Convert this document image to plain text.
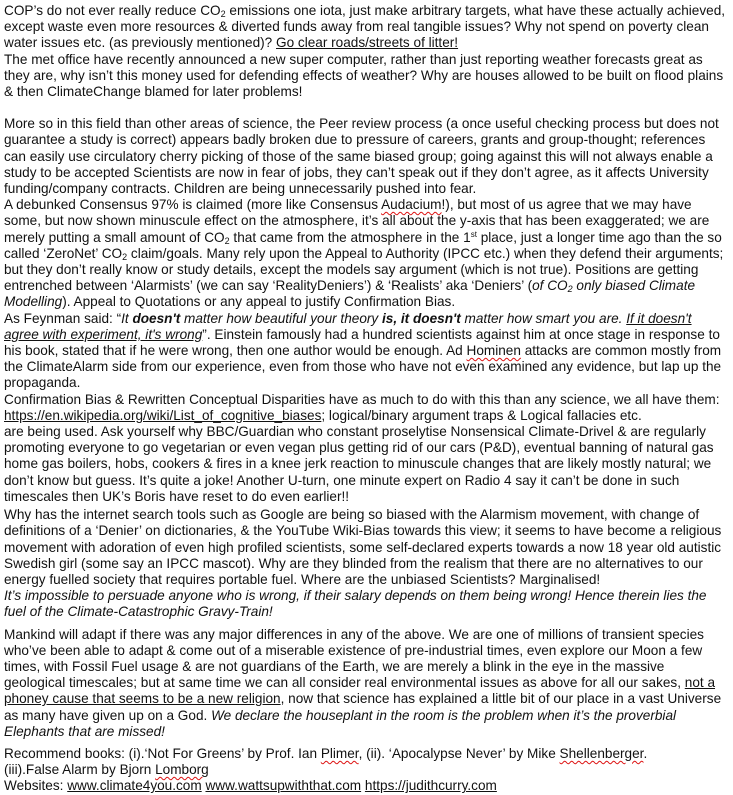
COP’s do not ever really reduce $CO_2$ emissions one iota, just make arbitrary targets, what have these actually achieved, except waste even more resources & diverted funds away from real tangible issues? Why not spend on poverty clean water issues etc. (as previously mentioned)? Go clear roads/streets of litter!

The met office have recently announced a new super computer, rather than just reporting weather forecasts great as they are, why isn’t this money used for defending effects of weather? Why are houses allowed to be built on flood plains & then ClimateChange blamed for later problems!

More so in this field than other areas of science, the Peer review process (a once useful checking process but does not guarantee a study is correct) appears badly broken due to pressure of careers, grants and group-thought; references can easily use circulatory cherry picking of those of the same biased group; going against this will not always enable a study to be accepted Scientists are now in fear of jobs, they can’t speak out if they don’t agree, as it affects University funding/company contracts. Children are being unnecessarily pushed into fear.

A debunked Consensus 97% is claimed (more like Consensus Audacium!), but most of us agree that we may have some, but now shown minuscule effect on the atmosphere, it’s all about the y-axis that has been exaggerated; we are merely putting a small amount of $CO_2$ that came from the atmosphere in the 1st place, just a longer time ago than the so called ‘ZeroNet’ $CO_2$ claim/goals. Many rely upon the Appeal to Authority (IPCC etc.) when they defend their arguments; but they don’t really know or study details, except the models say argument (which is not true). Positions are getting entrenched between ‘Alarmists’ (we can say ‘RealityDeniers’) & ‘Realists’ aka ‘Deniers’ (of $CO_2$ only biased Climate Modelling). Appeal to Quotations or any appeal to justify Confirmation Bias.

As Feynman said: “It doesn't matter how beautiful your theory is, it doesn't matter how smart you are. If it doesn't agree with experiment, it's wrong”. Einstein famously had a hundred scientists against him at once stage in response to his book, stated that if he were wrong, then one author would be enough. Ad Hominen attacks are common mostly from the ClimateAlarm side from our experience, even from those who have not even examined any evidence, but lap up the propaganda.

Confirmation Bias & Rewritten Conceptual Disparities have as much to do with this than any science, we all have them: https://en.wikipedia.org/wiki/List_of_cognitive_biases; logical/binary argument traps & Logical fallacies etc.

are being used. Ask yourself why BBC/Guardian who constant proselytise Nonsensical Climate-Drivel & are regularly promoting everyone to go vegetarian or even vegan plus getting rid of our cars (P&D), eventual banning of natural gas home gas boilers, hobs, cookers & fires in a knee jerk reaction to minuscule changes that are likely mostly natural; we don’t know but guess. It’s quite a joke! Another U-turn, one minute expert on Radio 4 say it can’t be done in such timescales then UK’s Boris have reset to do even earlier!!

Why has the internet search tools such as Google are being so biased with the Alarmism movement, with change of definitions of a ‘Denier’ on dictionaries, & the YouTube Wiki-Bias towards this view; it seems to have become a religious movement with adoration of even high profiled scientists, some self-declared experts towards a now 18 year old autistic Swedish girl (some say an IPCC mascot). Why are they blinded from the realism that there are no alternatives to our energy fuelled society that requires portable fuel. Where are the unbiased Scientists? Marginalised!

It’s impossible to persuade anyone who is wrong, if their salary depends on them being wrong! Hence therein lies the fuel of the Climate-Catastrophic Gravy-Train!

Mankind will adapt if there was any major differences in any of the above. We are one of millions of transient species who’ve been able to adapt & come out of a miserable existence of pre-industrial times, even explore our Moon a few times, with Fossil Fuel usage & are not guardians of the Earth, we are merely a blink in the eye in the massive geological timescales; but at same time we can all consider real environmental issues as above for all our sakes, not a phoney cause that seems to be a new religion, now that science has explained a little bit of our place in a vast Universe as many have given up on a God. We declare the houseplant in the room is the problem when it’s the proverbial Elephants that are missed!

Recommend books: (i).‘Not For Greens’ by Prof. Ian Plimer, (ii). ‘Apocalypse Never’ by Mike Shellenberger.

(iii).False Alarm by Bjorn Lomborg

Websites: www.climate4you.com www.wattsupwiththat.com https://judithcurry.com
